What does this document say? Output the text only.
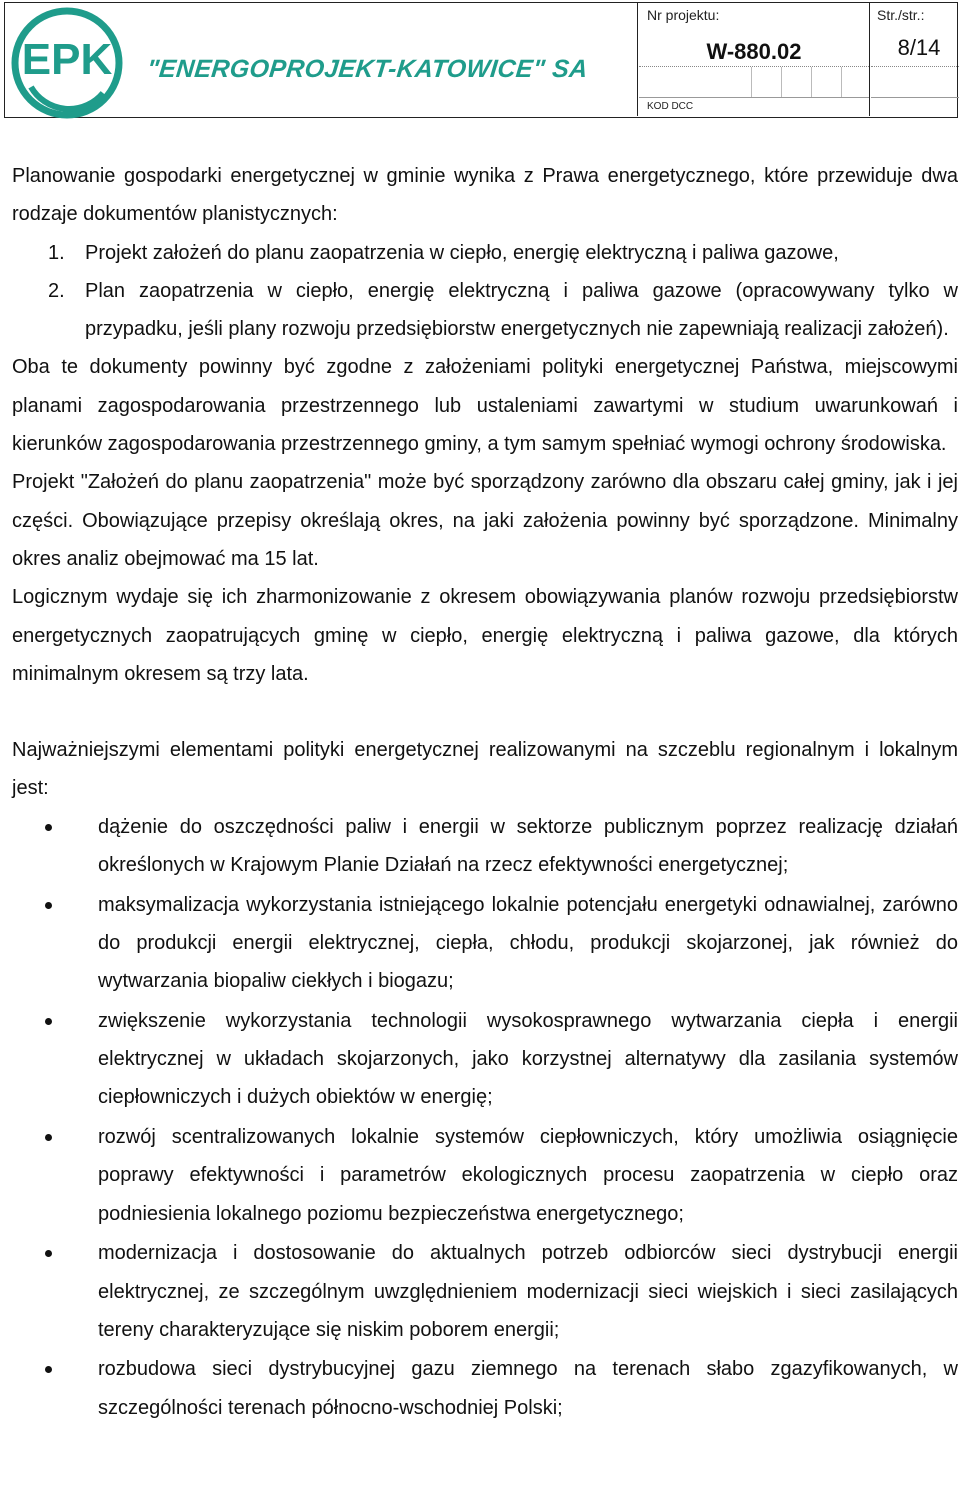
EPK "ENERGOPROJEKT-KATOWICE" SA
Nr projektu:
W-880.02
KOD DCC
Str./str.:
8/14

Planowanie gospodarki energetycznej w gminie wynika z Prawa energetycznego, które przewiduje dwa rodzaje dokumentów planistycznych:

1. Projekt założeń do planu zaopatrzenia w ciepło, energię elektryczną i paliwa gazowe,
2. Plan zaopatrzenia w ciepło, energię elektryczną i paliwa gazowe (opracowywany tylko w przypadku, jeśli plany rozwoju przedsiębiorstw energetycznych nie zapewniają realizacji założeń).

Oba te dokumenty powinny być zgodne z założeniami polityki energetycznej Państwa, miejscowymi planami zagospodarowania przestrzennego lub ustaleniami zawartymi w studium uwarunkowań i kierunków zagospodarowania przestrzennego gminy, a tym samym spełniać wymogi ochrony środowiska.

Projekt "Założeń do planu zaopatrzenia" może być sporządzony zarówno dla obszaru całej gminy, jak i jej części. Obowiązujące przepisy określają okres, na jaki założenia powinny być sporządzone. Minimalny okres analiz obejmować ma 15 lat.

Logicznym wydaje się ich zharmonizowanie z okresem obowiązywania planów rozwoju przedsiębiorstw energetycznych zaopatrujących gminę w ciepło, energię elektryczną i paliwa gazowe, dla których minimalnym okresem są trzy lata.

Najważniejszymi elementami polityki energetycznej realizowanymi na szczeblu regionalnym i lokalnym jest:

dążenie do oszczędności paliw i energii w sektorze publicznym poprzez realizację działań określonych w Krajowym Planie Działań na rzecz efektywności energetycznej;
maksymalizacja wykorzystania istniejącego lokalnie potencjału energetyki odnawialnej, zarówno do produkcji energii elektrycznej, ciepła, chłodu, produkcji skojarzonej, jak również do wytwarzania biopaliw ciekłych i biogazu;
zwiększenie wykorzystania technologii wysokosprawnego wytwarzania ciepła i energii elektrycznej w układach skojarzonych, jako korzystnej alternatywy dla zasilania systemów ciepłowniczych i dużych obiektów w energię;
rozwój scentralizowanych lokalnie systemów ciepłowniczych, który umożliwia osiągnięcie poprawy efektywności i parametrów ekologicznych procesu zaopatrzenia w ciepło oraz podniesienia lokalnego poziomu bezpieczeństwa energetycznego;
modernizacja i dostosowanie do aktualnych potrzeb odbiorców sieci dystrybucji energii elektrycznej, ze szczególnym uwzględnieniem modernizacji sieci wiejskich i sieci zasilających tereny charakteryzujące się niskim poborem energii;
rozbudowa sieci dystrybucyjnej gazu ziemnego na terenach słabo zgazyfikowanych, w szczególności terenach północno-wschodniej Polski;
